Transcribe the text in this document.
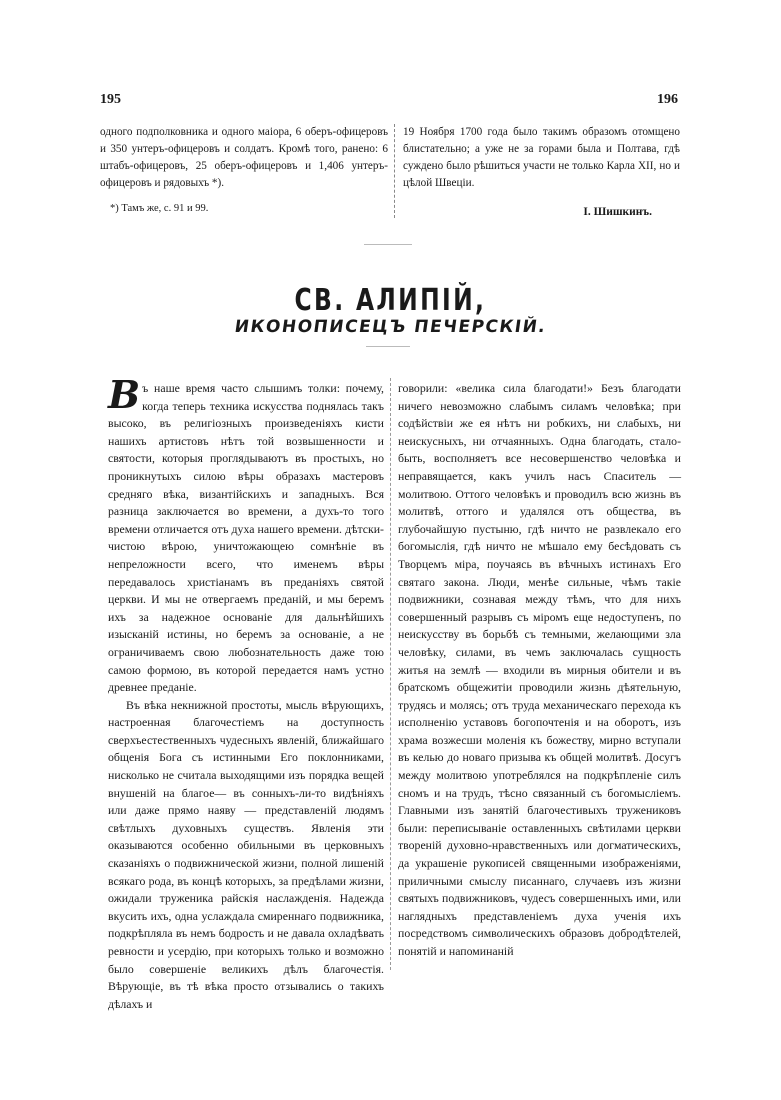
195	196

одного подполковника и одного маіора, 6 оберъ-офицеровъ и 350 унтеръ-офицеровъ и солдатъ. Кромѣ того, ранено: 6 штабъ-офицеровъ, 25 оберъ-офицеровъ и 1,406 унтеръ-офицеровъ и рядовыхъ *).

*) Тамъ же, с. 91 и 99.

19 Ноября 1700 года было такимъ образомъ отомщено блистательно; а уже не за горами была и Полтава, гдѣ суждено было рѣшиться участи не только Карла XII, но и цѣлой Швеціи.

І. Шишкинъ.

СВ. АЛИПІЙ,
ИКОНОПИСЕЦЪ ПЕЧЕРСКІЙ.

Въ наше время часто слышимъ толки: почему, когда теперь техника искусства поднялась такъ высоко, въ религіозныхъ произведеніяхъ кисти нашихъ артистовъ нѣтъ той возвышенности и святости, которыя проглядываютъ въ простыхъ, но проникнутыхъ силою вѣры образахъ мастеровъ средняго вѣка, византійскихъ и западныхъ. Вся разница заключается во времени, а духъ-то того времени отличается отъ духа нашего времени. дѣтски-чистою вѣрою, уничтожающею сомнѣніе въ непреложности всего, что именемъ вѣры передавалось христіанамъ въ преданіяхъ святой церкви. И мы не отвергаемъ преданій, и мы беремъ ихъ за надежное основаніе для дальнѣйшихъ изысканій истины, но беремъ за основаніе, а не ограничиваемъ свою любознательность даже тою самою формою, въ которой передается намъ устно древнее преданіе.

Въ вѣка некнижной простоты, мысль вѣрующихъ, настроенная благочестіемъ на доступность сверхъестественныхъ чудесныхъ явленій, ближайшаго общенія Бога съ истинными Его поклонниками, нисколько не считала выходящими изъ порядка вещей внушеній на благое— въ сонныхъ-ли-то видѣніяхъ или даже прямо наяву — представленій людямъ свѣтлыхъ духовныхъ существъ. Явленія эти оказываются особенно обильными въ церковныхъ сказаніяхъ о подвижнической жизни, полной лишеній всякаго рода, въ концѣ которыхъ, за предѣлами жизни, ожидали труженика райскія наслажденія. Надежда вкусить ихъ, одна услаждала смиреннаго подвижника, подкрѣпляла въ немъ бодрость и не давала охладѣвать ревности и усердію, при которыхъ только и возможно было совершеніе великихъ дѣлъ благочестія. Вѣрующіе, въ тѣ вѣка просто отзывались о такихъ дѣлахъ и

говорили: «велика сила благодати!» Безъ благодати ничего невозможно слабымъ силамъ человѣка; при содѣйствіи же ея нѣтъ ни робкихъ, ни слабыхъ, ни неискусныхъ, ни отчаянныхъ. Одна благодать, стало-быть, восполняетъ все несовершенство человѣка и неправящается, какъ училъ насъ Спаситель — молитвою. Оттого человѣкъ и проводилъ всю жизнь въ молитвѣ, оттого и удалялся отъ общества, въ глубочайшую пустыню, гдѣ ничто не развлекало его богомыслія, гдѣ ничто не мѣшало ему бесѣдовать съ Творцемъ міра, поучаясь въ вѣчныхъ истинахъ Его святаго закона. Люди, менѣе сильные, чѣмъ такіе подвижники, сознавая между тѣмъ, что для нихъ совершенный разрывъ съ міромъ еще недоступенъ, по неискусству въ борьбѣ съ темными, желающими зла человѣку, силами, въ чемъ заключалась сущность житья на землѣ — входили въ мирныя обители и въ братскомъ общежитіи проводили жизнь дѣятельную, трудясь и молясь; отъ труда механическаго перехода къ исполненію уставовъ богопочтенія и на оборотъ, изъ храма возжесши моленія къ божеству, мирно вступали въ келью до новаго призыва къ общей молитвѣ. Досугъ между молитвою употреблялся на подкрѣпленіе силъ сномъ и на трудъ, тѣсно связанный съ богомысліемъ. Главными изъ занятій благочестивыхъ тружениковъ были: переписываніе оставленныхъ свѣтилами церкви твореній духовно-нравственныхъ или догматическихъ, да украшеніе рукописей священными изображеніями, приличными смыслу писаннаго, случаевъ изъ жизни святыхъ подвижниковъ, чудесъ совершенныхъ ими, или наглядныхъ представленіемъ духа ученія ихъ посредствомъ символическихъ образовъ добродѣтелей, понятій и напоминаній
